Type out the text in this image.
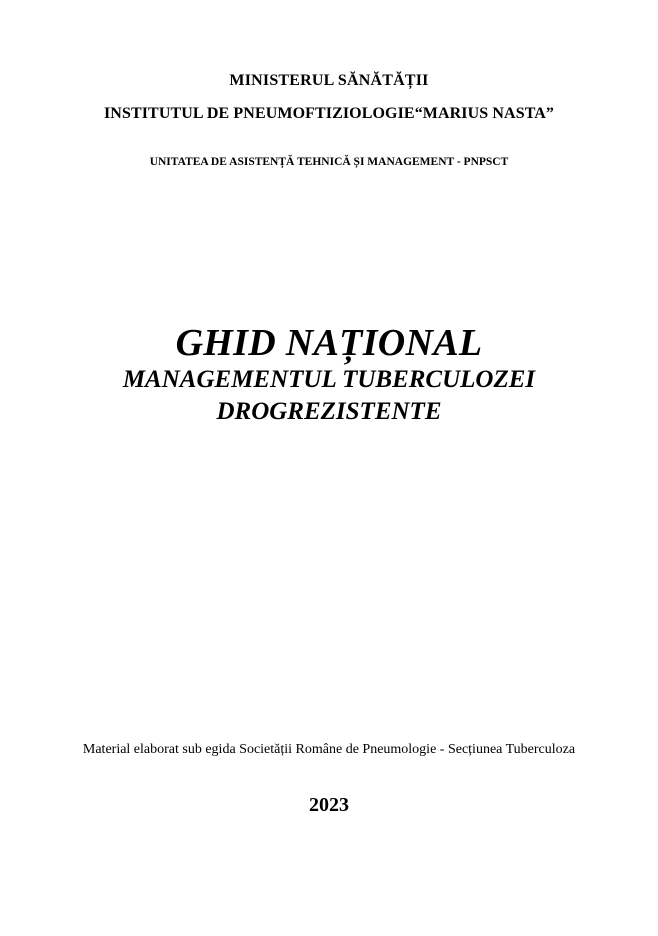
MINISTERUL SĂNĂTĂȚII
INSTITUTUL DE PNEUMOFTIZIOLOGIE“MARIUS NASTA”
UNITATEA DE ASISTENȚĂ TEHNICĂ ȘI MANAGEMENT - PNPSCT
GHID NAȚIONAL
MANAGEMENTUL TUBERCULOZEI
DROGREZISTENTE
Material elaborat sub egida Societății Române de Pneumologie - Secțiunea Tuberculoza
2023
